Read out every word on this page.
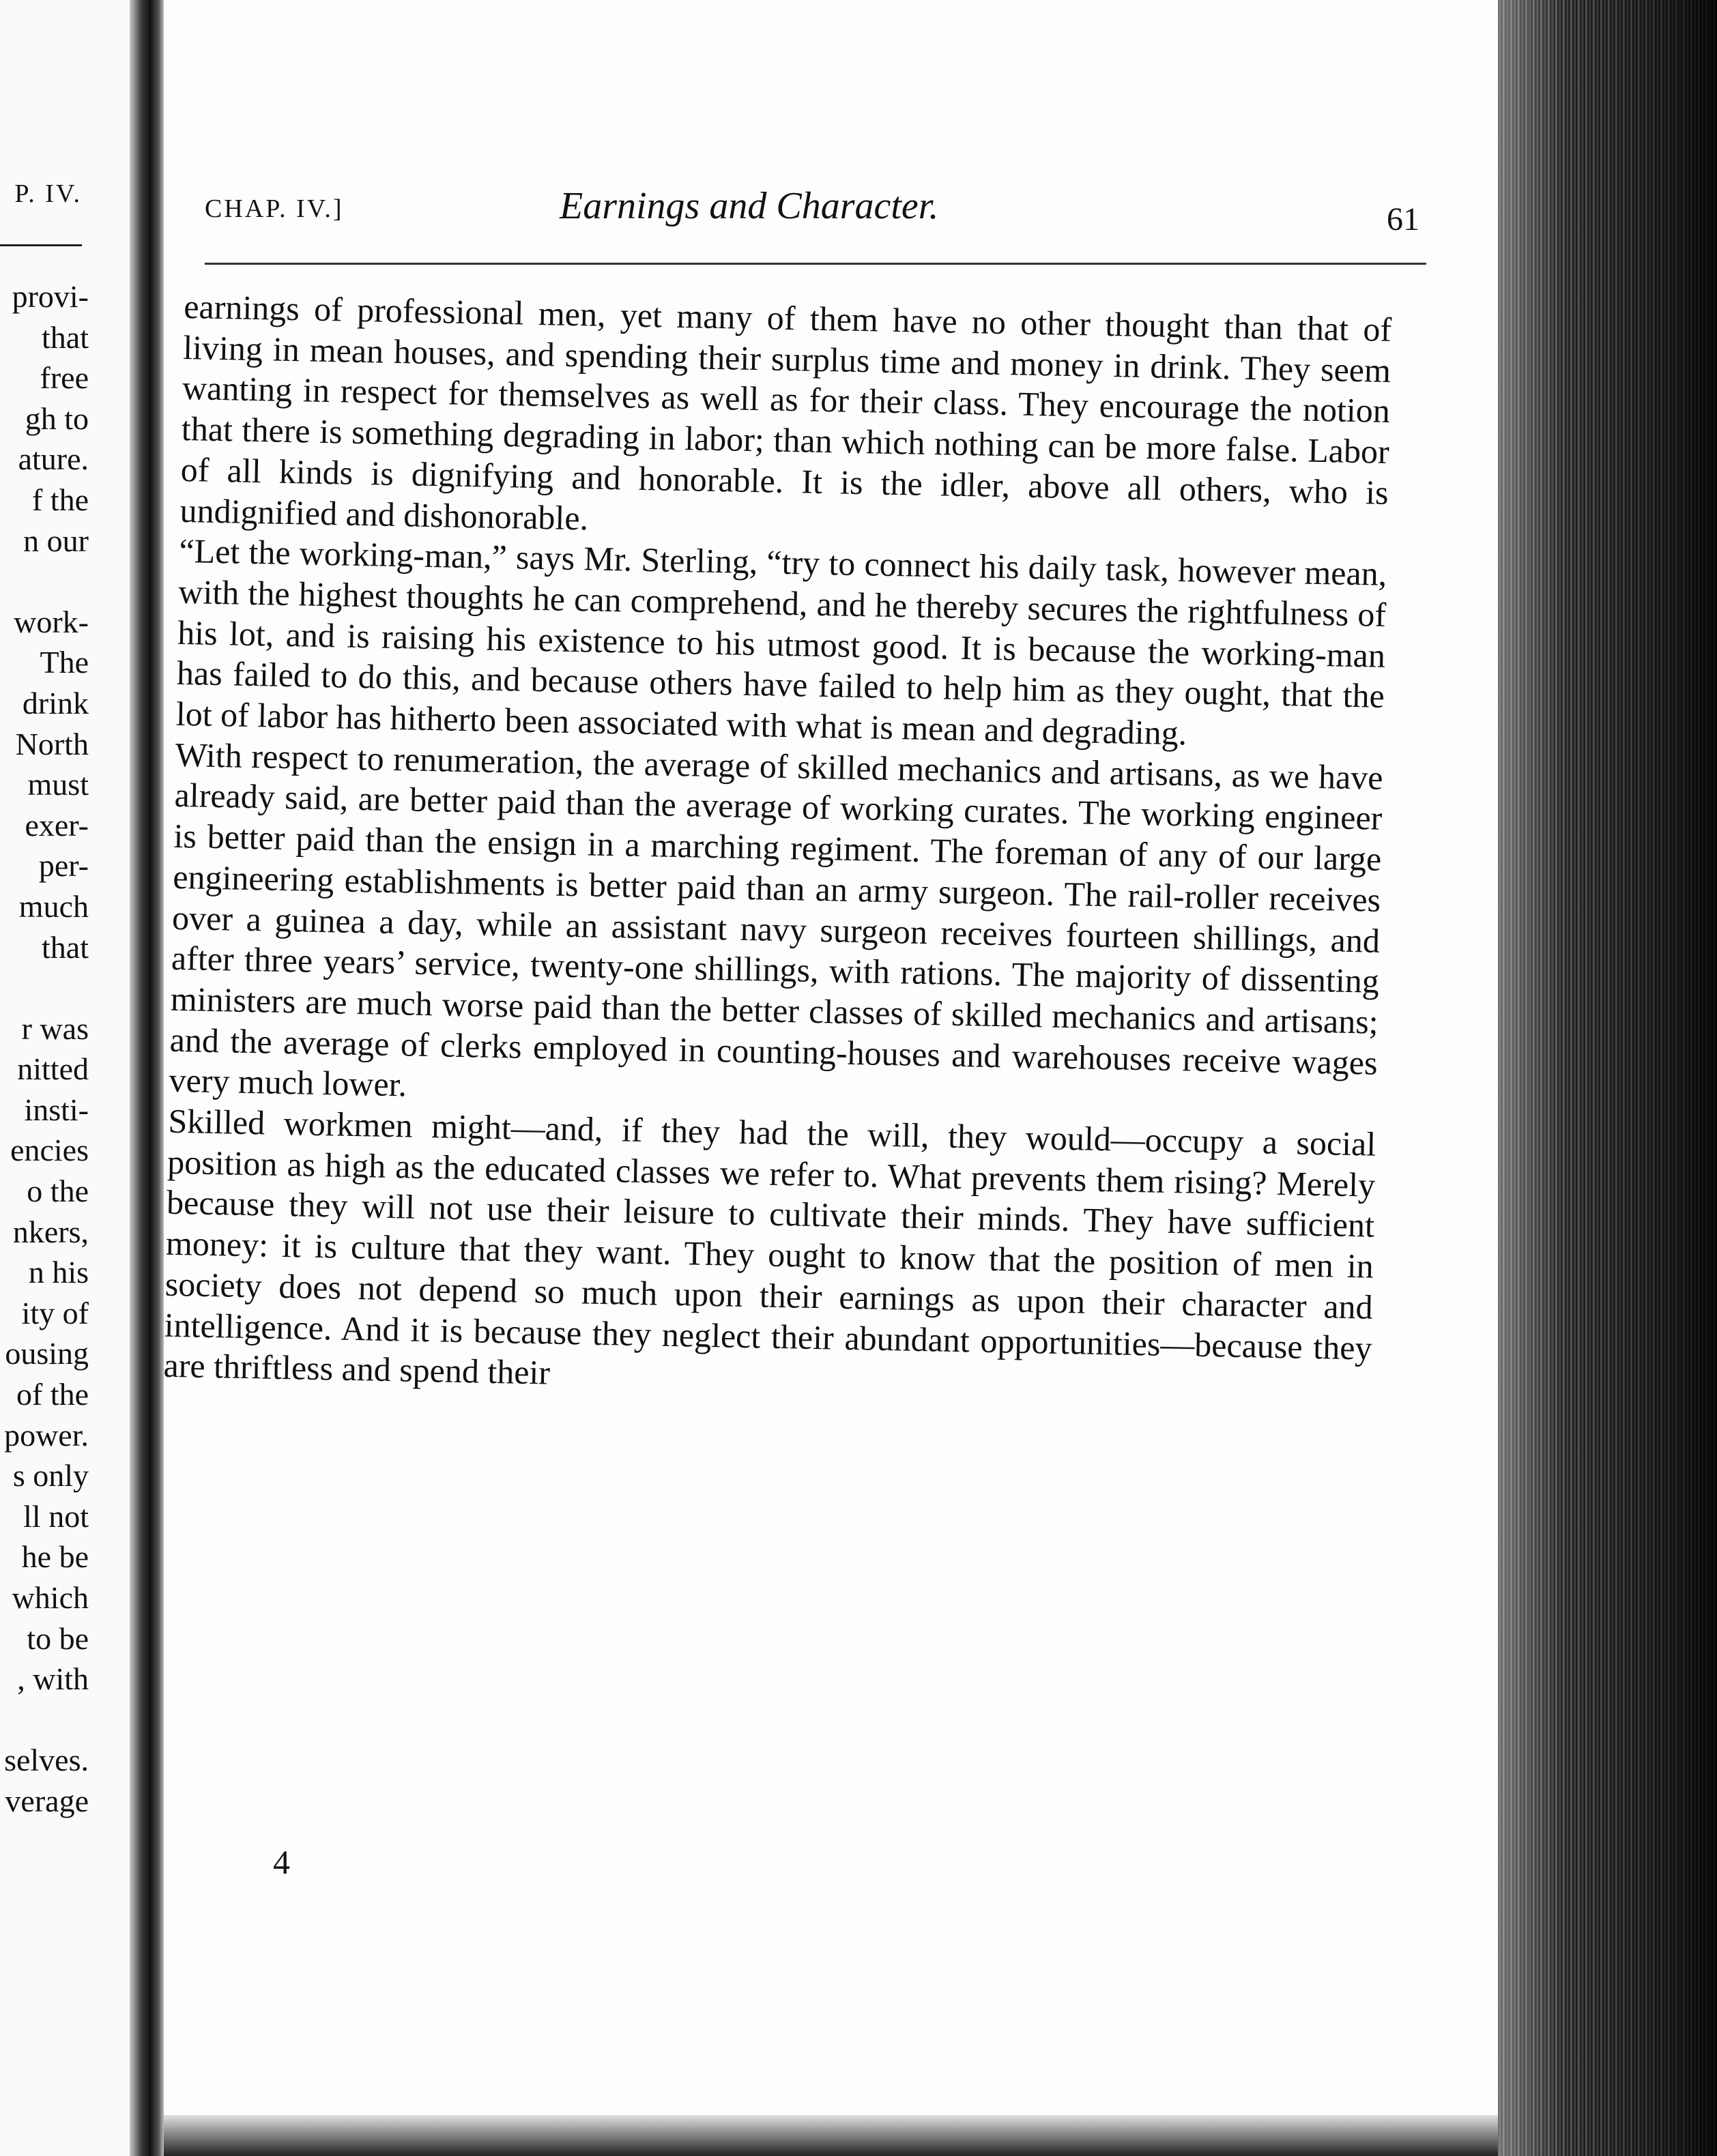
P. IV.
provi-
that
free
gh to
ature.
f the
n our
work-
The
drink
North
must
exer-
per-
much
that
r was
nitted
insti-
encies
o the
nkers,
n his
ity of
ousing
of the
power.
s only
ll not
he be
which
to be
, with
selves.
verage
CHAP. IV.]	Earnings and Character.	61

earnings of professional men, yet many of them have no other thought than that of living in mean houses, and spending their surplus time and money in drink. They seem wanting in respect for themselves as well as for their class. They encourage the notion that there is something degrading in labor; than which nothing can be more false. Labor of all kinds is dignifying and honorable. It is the idler, above all others, who is undignified and dishonorable.

“Let the working-man,” says Mr. Sterling, “try to connect his daily task, however mean, with the highest thoughts he can comprehend, and he thereby secures the rightfulness of his lot, and is raising his existence to his utmost good. It is because the working-man has failed to do this, and because others have failed to help him as they ought, that the lot of labor has hitherto been associated with what is mean and degrading.

With respect to renumeration, the average of skilled mechanics and artisans, as we have already said, are better paid than the average of working curates. The working engineer is better paid than the ensign in a marching regiment. The foreman of any of our large engineering establishments is better paid than an army surgeon. The rail-roller receives over a guinea a day, while an assistant navy surgeon receives fourteen shillings, and after three years’ service, twenty-one shillings, with rations. The majority of dissenting ministers are much worse paid than the better classes of skilled mechanics and artisans; and the average of clerks employed in counting-houses and warehouses receive wages very much lower.

Skilled workmen might—and, if they had the will, they would—occupy a social position as high as the educated classes we refer to. What prevents them rising? Merely because they will not use their leisure to cultivate their minds. They have sufficient money: it is culture that they want. They ought to know that the position of men in society does not depend so much upon their earnings as upon their character and intelligence. And it is because they neglect their abundant opportunities—because they are thriftless and spend their

4
